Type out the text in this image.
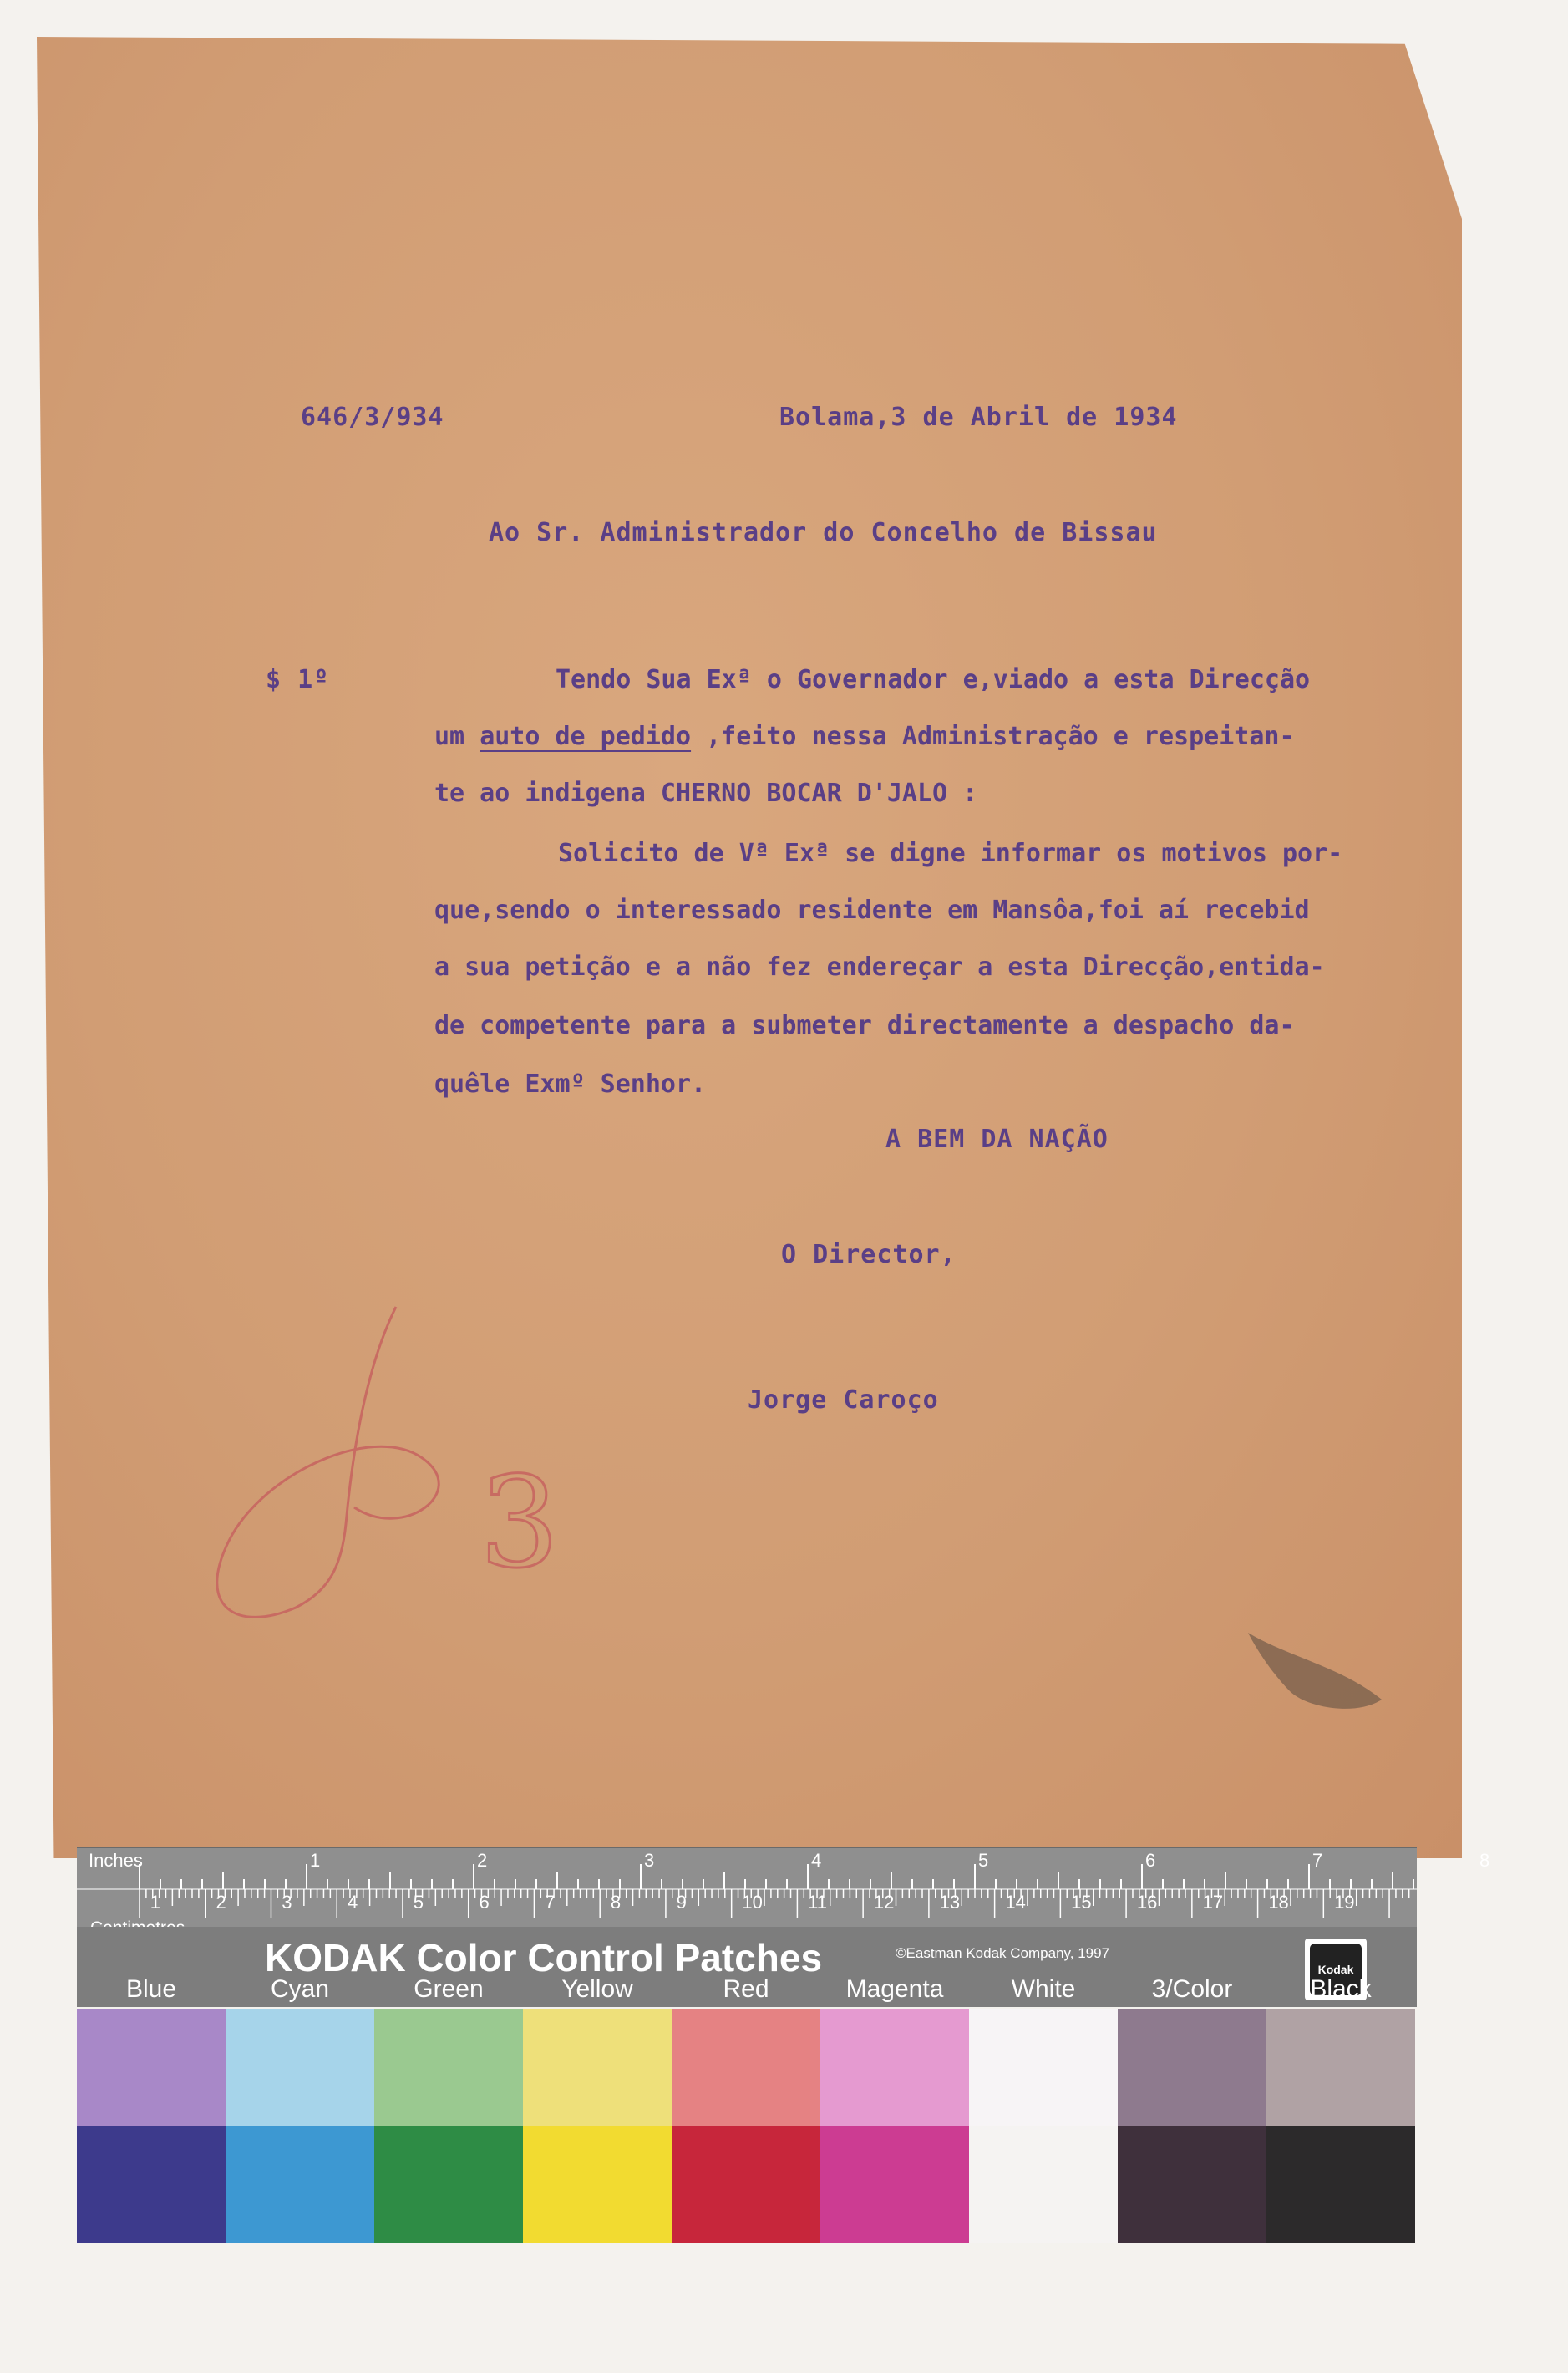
3
646/3/934	Bolama,3 de Abril de 1934
Ao Sr. Administrador do Concelho de Bissau
$ 1º	Tendo Sua Exª o Governador e,viado a esta Direcção
um auto de pedido ,feito nessa Administração e respeitan-
te ao indigena CHERNO BOCAR D'JALO :
Solicito de Vª Exª se digne informar os motivos por-
que,sendo o interessado residente em Mansôa,foi aí recebid
a sua petição e a não fez endereçar a esta Direcção,entida-
de competente para a submeter directamente a despacho da-
quêle Exmº Senhor.
A BEM DA NAÇÃO
O Director,
Jorge Caroço
Inches	1	2	3	4	5	6	7	8
1	2	3	4	5	6	7	8	9	10 11	12 13 14 15 16 17 18 19
KODAK Color Control Patches	©Eastman Kodak Company, 1997
Kodak
Blue	Cyan	Green	Yellow	Red	Magenta	White	3/Color	Black
